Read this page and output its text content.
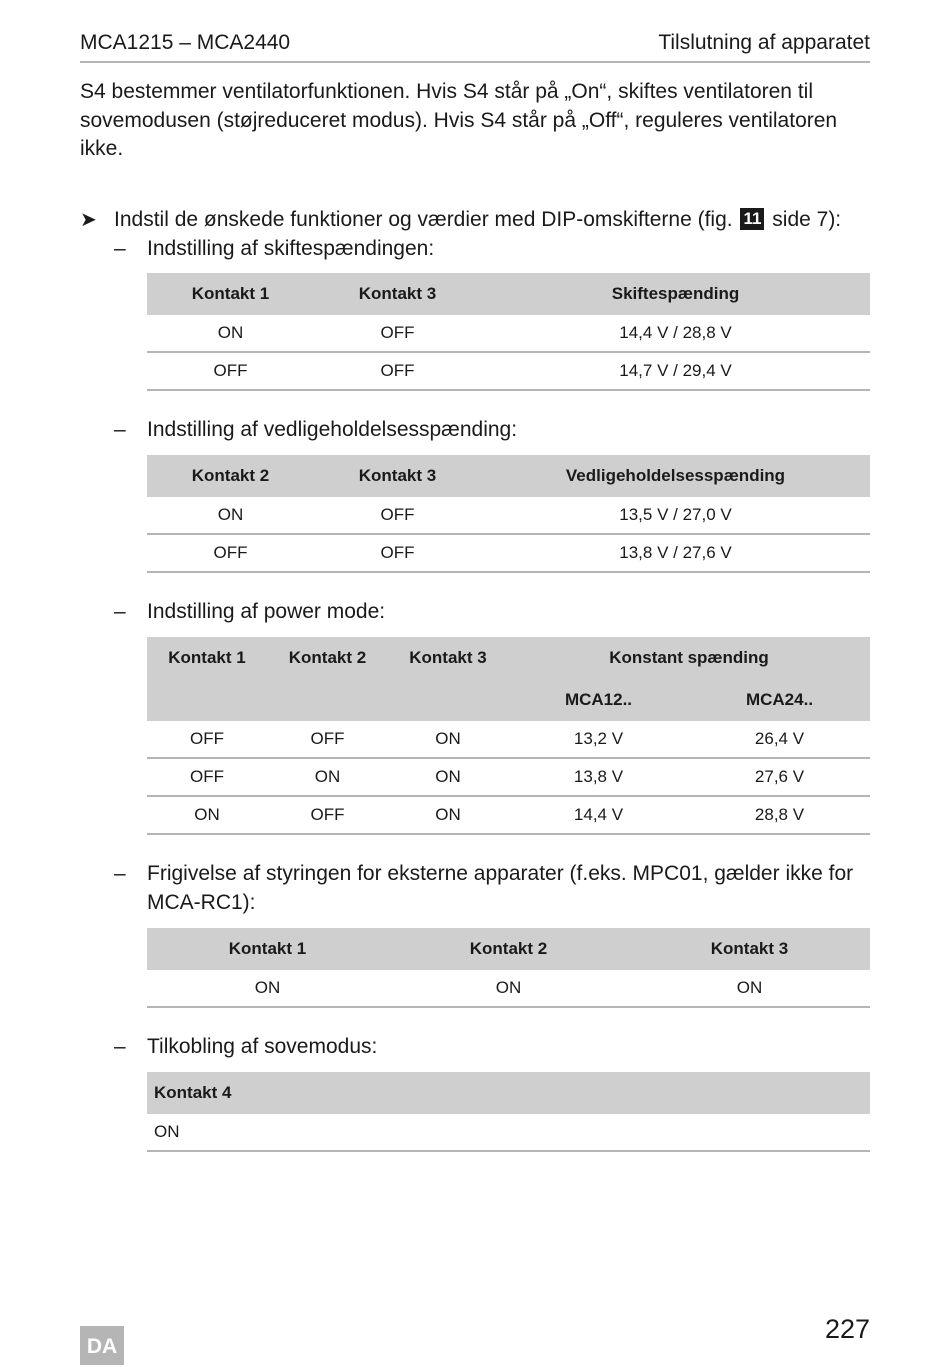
MCA1215 – MCA2440	Tilslutning af apparatet

S4 bestemmer ventilatorfunktionen. Hvis S4 står på „On“, skiftes ventilatoren til sovemodusen (støjreduceret modus). Hvis S4 står på „Off“, reguleres ventilatoren ikke.

➤ Indstil de ønskede funktioner og værdier med DIP-omskifterne (fig. 11 side 7):
– Indstilling af skiftespændingen:
Kontakt 1	Kontakt 3	Skiftespænding
ON	OFF	14,4 V / 28,8 V
OFF	OFF	14,7 V / 29,4 V
– Indstilling af vedligeholdelsesspænding:
Kontakt 2	Kontakt 3	Vedligeholdelsesspænding
ON	OFF	13,5 V / 27,0 V
OFF	OFF	13,8 V / 27,6 V
– Indstilling af power mode:
Kontakt 1	Kontakt 2	Kontakt 3	Konstant spænding	
			MCA12..	MCA24..
OFF	OFF	ON	13,2 V	26,4 V
OFF	ON	ON	13,8 V	27,6 V
ON	OFF	ON	14,4 V	28,8 V
– Frigivelse af styringen for eksterne apparater (f.eks. MPC01, gælder ikke for MCA-RC1):
Kontakt 1	Kontakt 2	Kontakt 3
ON	ON	ON
– Tilkobling af sovemodus:
Kontakt 4
ON
DA
227
